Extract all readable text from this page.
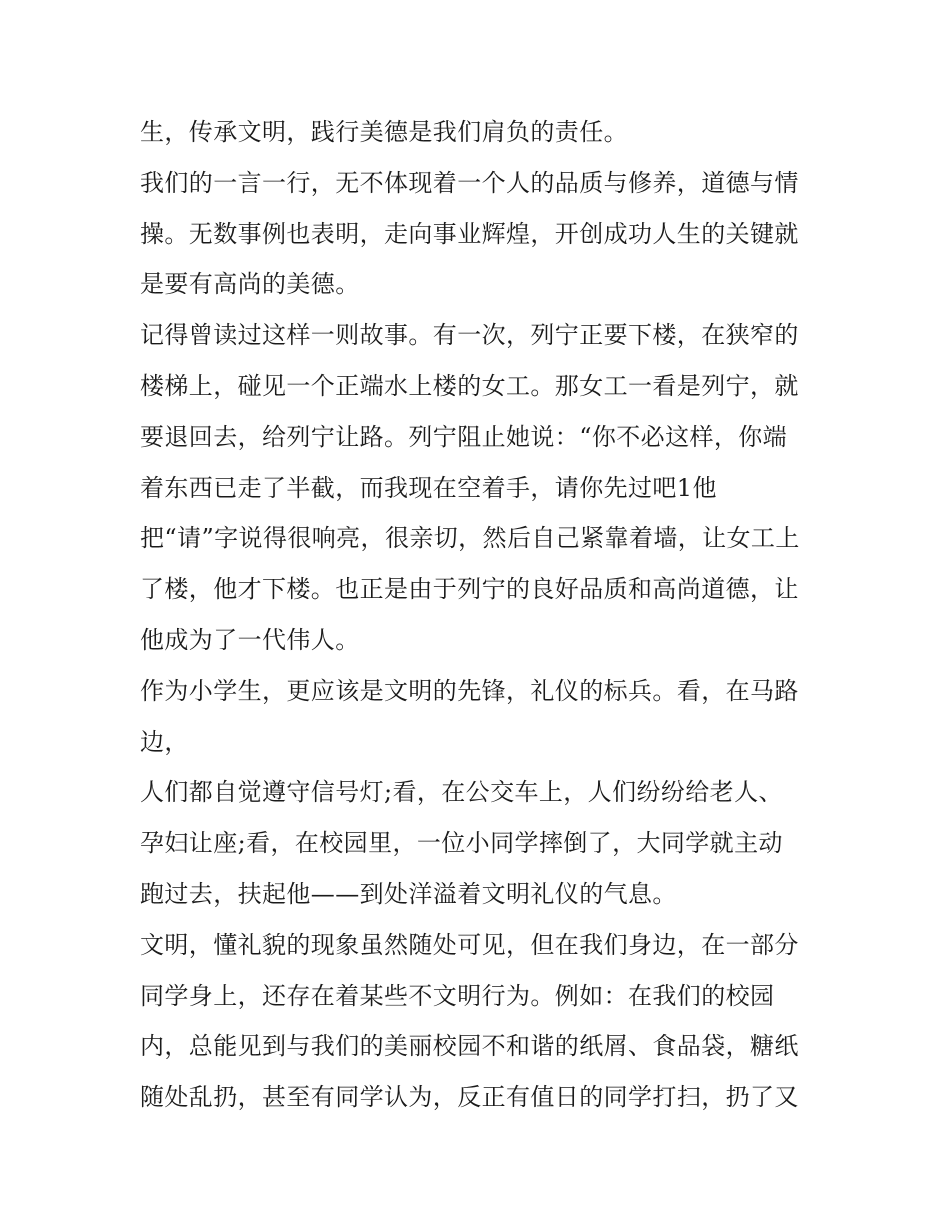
生，传承文明，践行美德是我们肩负的责任。
我们的一言一行，无不体现着一个人的品质与修养，道德与情
操。无数事例也表明，走向事业辉煌，开创成功人生的关键就
是要有高尚的美德。
记得曾读过这样一则故事。有一次，列宁正要下楼，在狭窄的
楼梯上，碰见一个正端水上楼的女工。那女工一看是列宁，就
要退回去，给列宁让路。列宁阻止她说：“你不必这样，你端
着东西已走了半截，而我现在空着手，请你先过吧1他
把“请”字说得很响亮，很亲切，然后自己紧靠着墙，让女工上
了楼，他才下楼。也正是由于列宁的良好品质和高尚道德，让
他成为了一代伟人。
作为小学生，更应该是文明的先锋，礼仪的标兵。看，在马路
边，
人们都自觉遵守信号灯;看，在公交车上，人们纷纷给老人、
孕妇让座;看，在校园里，一位小同学摔倒了，大同学就主动
跑过去，扶起他——到处洋溢着文明礼仪的气息。
文明，懂礼貌的现象虽然随处可见，但在我们身边，在一部分
同学身上，还存在着某些不文明行为。例如：在我们的校园
内，总能见到与我们的美丽校园不和谐的纸屑、食品袋，糖纸
随处乱扔，甚至有同学认为，反正有值日的同学打扫，扔了又
